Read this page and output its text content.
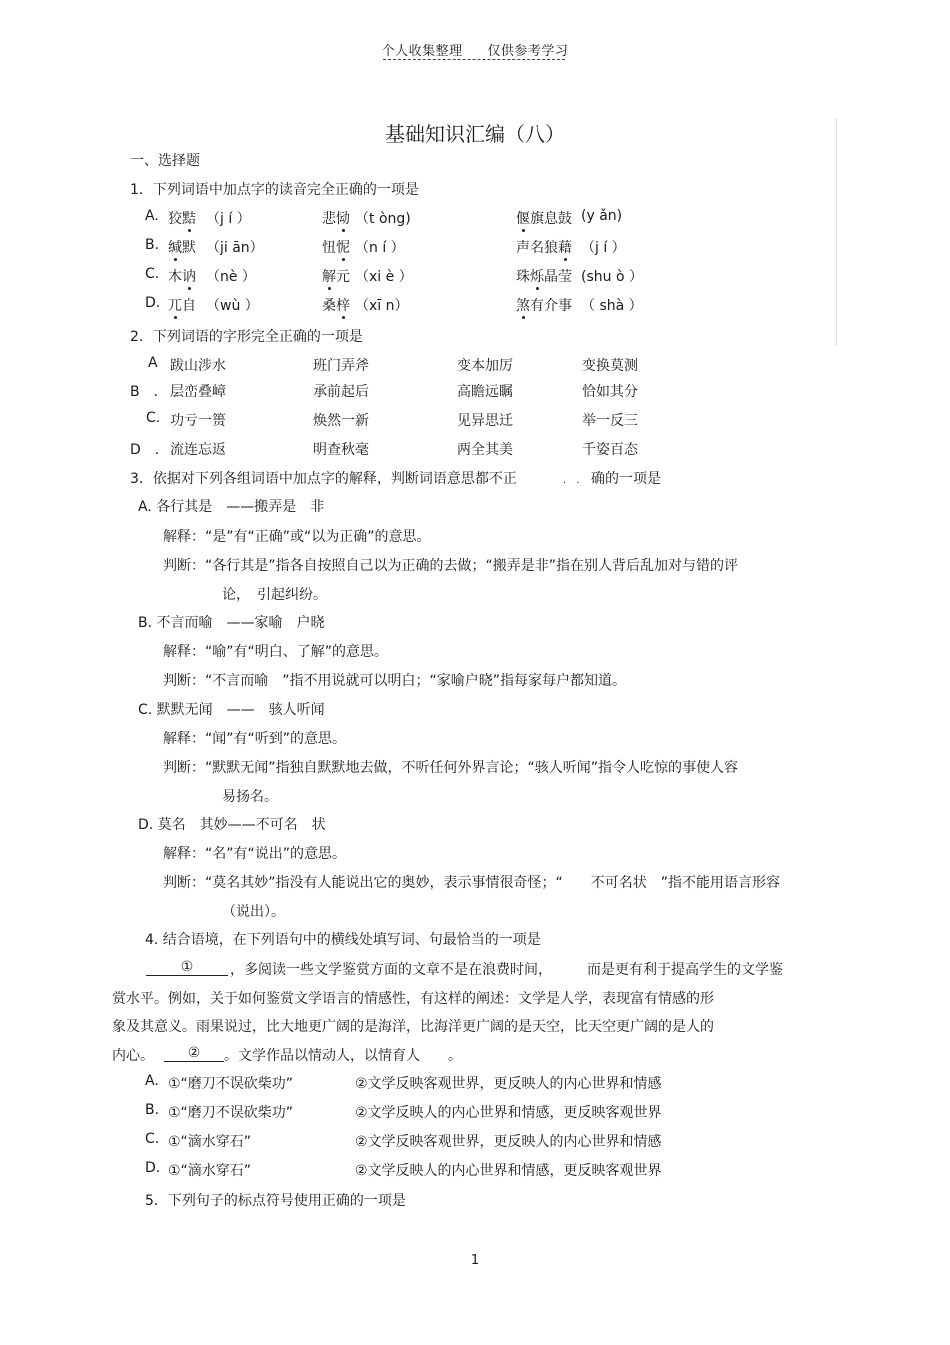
个人收集整理 仅供参考学习
基础知识汇编（八）
一、选择题
1．下列词语中加点字的读音完全正确的一项是
A. 狡黠 （j í ）	悲恸 （t òng)	偃旗息鼓 (y ǎn)
B. 缄默 （ji ān）	忸怩 （n í ）	声名狼藉 （j í ）
C. 木讷 （nè ）	解元 （xi è ）	珠烁晶莹 (shu ò ）
D. 兀自 （wù ）	桑梓 （xī n）	煞有介事 （ shà ）
2．下列词语的字形完全正确的一项是
A 跋山涉水	班门弄斧	变本加厉	变换莫测
B　． 层峦叠嶂	承前起后	高瞻远瞩	恰如其分
C. 功亏一篑	焕然一新	见异思迁	举一反三
D　． 流连忘返	明查秋毫	两全其美	千姿百态
3．依据对下列各组词语中加点字的解释，判断词语意思都不正	·　· 确的一项是
A. 各行其是　——搬弄是　非
解释：“是”有“正确”或“以为正确”的意思。
判断：“各行其是”指各自按照自己以为正确的去做；“搬弄是非”指在别人背后乱加对与错的评
论，　引起纠纷。
B. 不言而喻　——家喻　户晓
解释：“喻”有“明白、了解”的意思。
判断：“不言而喻　”指不用说就可以明白；“家喻户晓”指每家每户都知道。
C. 默默无闻　——　骇人听闻
解释：“闻”有“听到”的意思。
判断：“默默无闻”指独自默默地去做，不听任何外界言论；“骇人听闻”指令人吃惊的事使人容
易扬名。
D. 莫名　其妙——不可名　状
解释：“名”有“说出”的意思。
判断：“莫名其妙”指没有人能说出它的奥妙，表示事情很奇怪；“　　不可名状　”指不能用语言形容
（说出）。
4. 结合语境，在下列语句中的横线处填写词、句最恰当的一项是
①	，多阅读一些文学鉴赏方面的文章不是在浪费时间，　　　而是更有利于提高学生的文学鉴
赏水平。例如，关于如何鉴赏文学语言的情感性，有这样的阐述：文学是人学，表现富有情感的形
象及其意义。雨果说过，比大地更广阔的是海洋，比海洋更广阔的是天空，比天空更广阔的是人的
内心。	②	。文学作品以情动人，以情育人　　。
A. ①“磨刀不误砍柴功”	②文学反映客观世界，更反映人的内心世界和情感
B. ①“磨刀不误砍柴功”	②文学反映人的内心世界和情感，更反映客观世界
C. ①“滴水穿石”	②文学反映客观世界，更反映人的内心世界和情感
D. ①“滴水穿石”	②文学反映人的内心世界和情感，更反映客观世界
5．下列句子的标点符号使用正确的一项是
1
